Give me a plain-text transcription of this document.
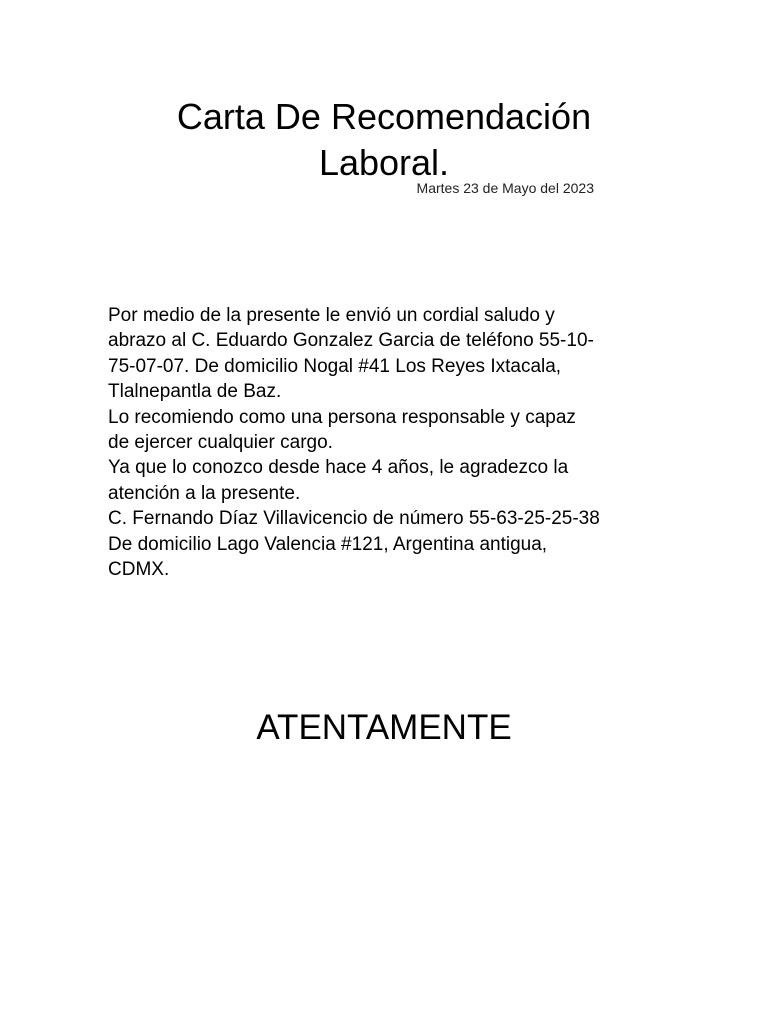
Carta De Recomendación
Laboral.
Martes 23 de Mayo del 2023
Por medio de la presente le envió un cordial saludo y
abrazo al C. Eduardo Gonzalez Garcia de teléfono 55-10-
75-07-07. De domicilio Nogal #41 Los Reyes Ixtacala,
Tlalnepantla de Baz.
Lo recomiendo como una persona responsable y capaz
de ejercer cualquier cargo.
Ya que lo conozco desde hace 4 años, le agradezco la
atención a la presente.
C. Fernando Díaz Villavicencio de número 55-63-25-25-38
De domicilio Lago Valencia #121, Argentina antigua,
CDMX.
ATENTAMENTE
